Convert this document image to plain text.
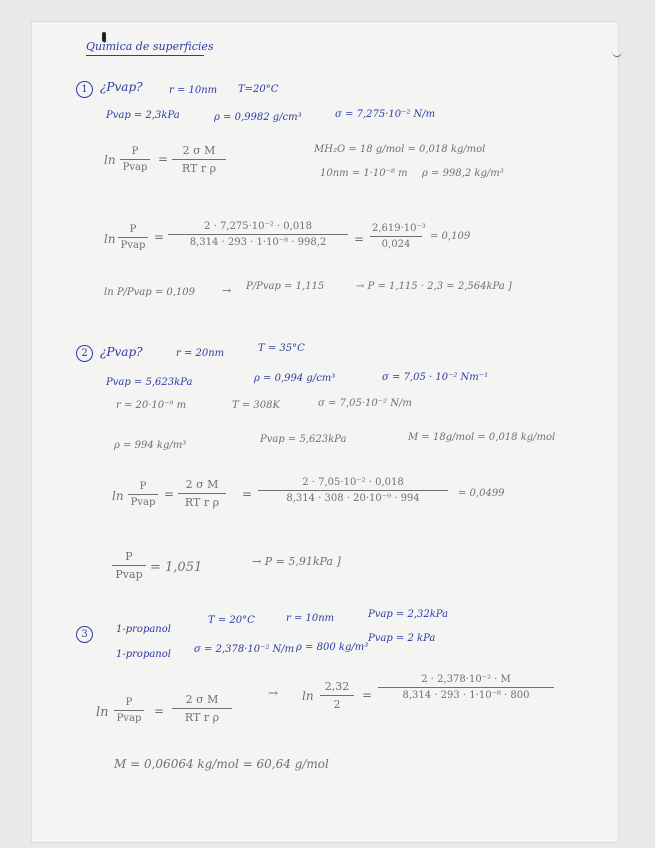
Química de superficies
1	¿Pvap?	r = 10nm T=20°C
Pvap = 2,3kPa	ρ = 0,9982 g/cm³	σ = 7,275·10⁻² N/m
ln
P
Pvap
=
2 σ M
RT r ρ
MH₂O = 18 g/mol = 0,018 kg/mol
10nm = 1·10⁻⁸ m ρ = 998,2 kg/m³
ln
P
Pvap
=
2 · 7,275·10⁻² · 0,018
8,314 · 293 · 1·10⁻⁸ · 998,2	=
2,619·10⁻³
0,024
= 0,109
ln P/Pvap = 0,109 → P/Pvap = 1,115	→ P = 1,115 · 2,3 = 2,564kPa ]
2	¿Pvap?	r = 20nm	T = 35°C
Pvap = 5,623kPa	ρ = 0,994 g/cm³	σ = 7,05 · 10⁻² Nm⁻¹
r = 20·10⁻⁹ m	T = 308K	σ = 7,05·10⁻² N/m
ρ = 994 kg/m³
Pvap = 5,623kPa	M = 18g/mol = 0,018 kg/mol
ln
P
Pvap
=
2 σ M
RT r ρ
=
2 · 7,05·10⁻² · 0,018
8,314 · 308 · 20·10⁻⁹ · 994	= 0,0499
P
Pvap = 1,051	→ P = 5,91kPa ]
3	1-propanol
T = 20°C	r = 10nm	Pvap = 2,32kPa
1-propanol σ = 2,378·10⁻² N/m ρ = 800 kg/m³
Pvap = 2 kPa
ln
P
Pvap
=
2 σ M
RT r ρ
→ ln
2,32
2
=
2 · 2,378·10⁻² · M
8,314 · 293 · 1·10⁻⁸ · 800
M = 0,06064 kg/mol = 60,64 g/mol
